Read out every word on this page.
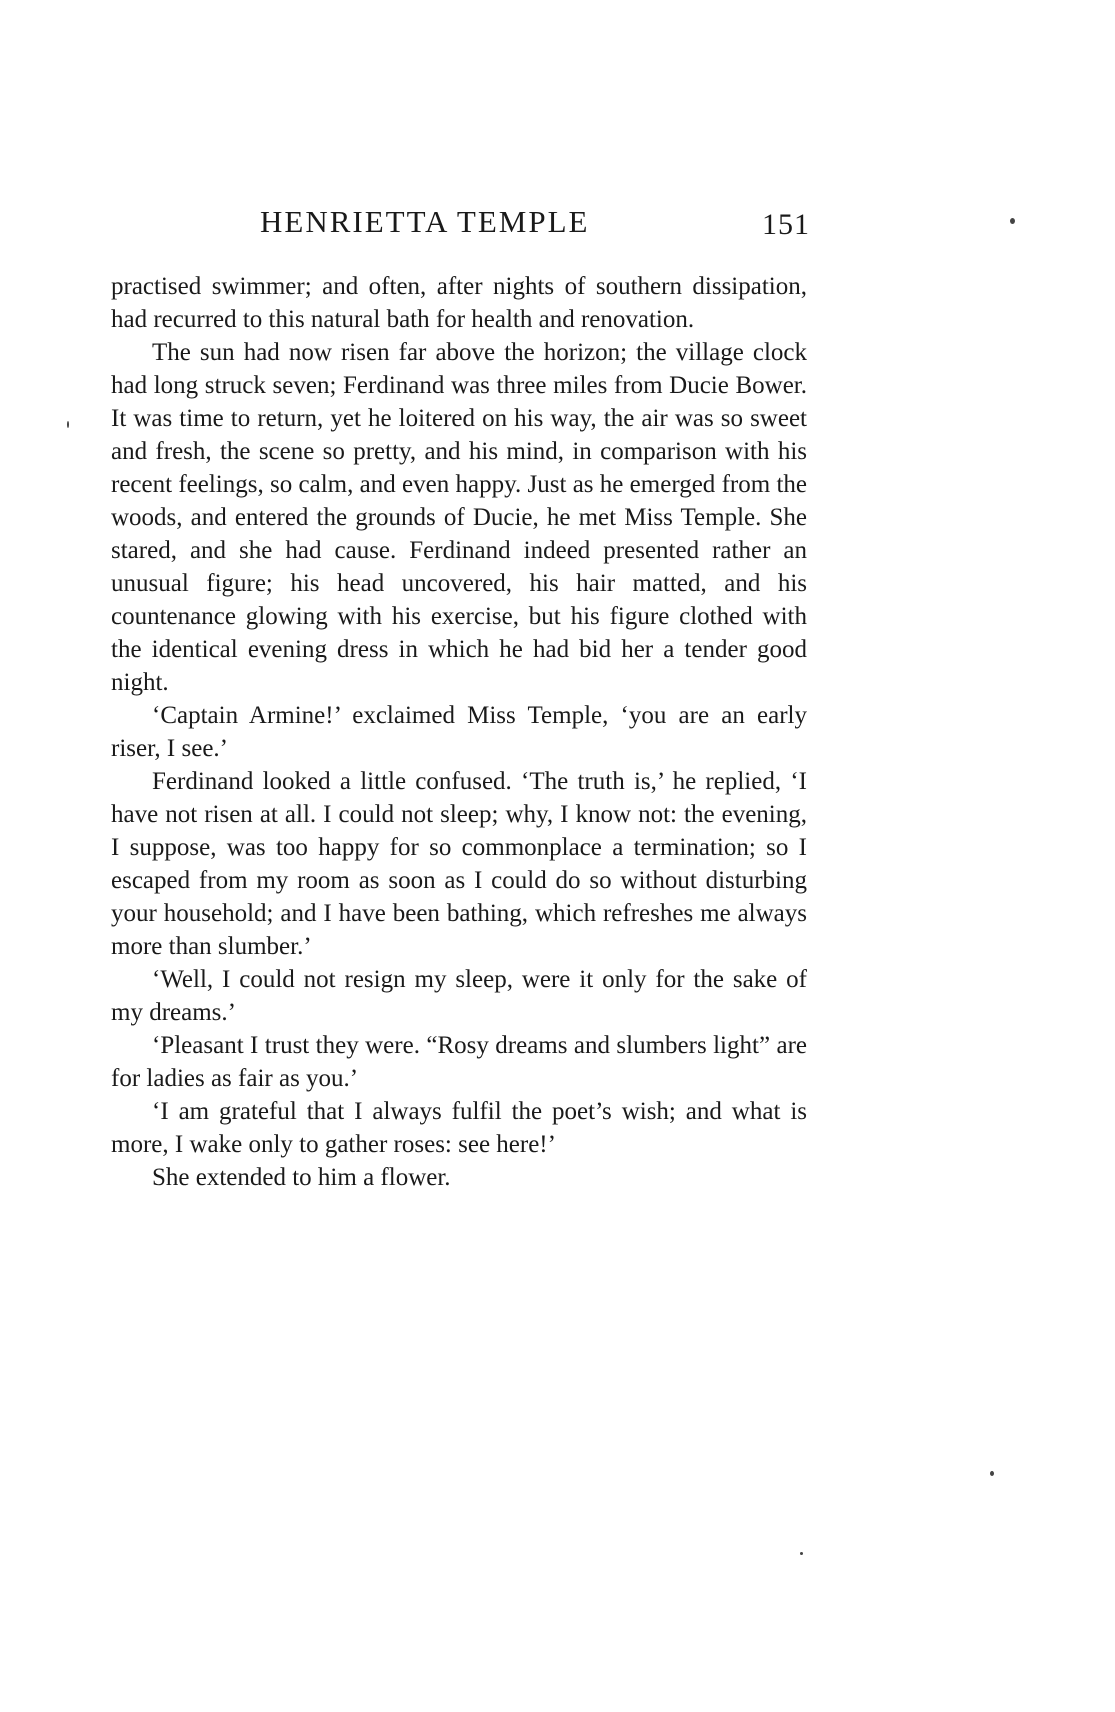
HENRIETTA TEMPLE	151

practised swimmer; and often, after nights of southern dissipation, had recurred to this natural bath for health and renovation.

The sun had now risen far above the horizon; the village clock had long struck seven; Ferdinand was three miles from Ducie Bower. It was time to return, yet he loitered on his way, the air was so sweet and fresh, the scene so pretty, and his mind, in comparison with his recent feelings, so calm, and even happy. Just as he emerged from the woods, and entered the grounds of Ducie, he met Miss Temple. She stared, and she had cause. Ferdinand indeed presented rather an unusual figure; his head uncovered, his hair matted, and his countenance glowing with his exercise, but his figure clothed with the identical evening dress in which he had bid her a tender good night.

‘Captain Armine!’ exclaimed Miss Temple, ‘you are an early riser, I see.’

Ferdinand looked a little confused. ‘The truth is,’ he replied, ‘I have not risen at all. I could not sleep; why, I know not: the evening, I suppose, was too happy for so commonplace a termination; so I escaped from my room as soon as I could do so without disturbing your household; and I have been bathing, which refreshes me always more than slumber.’

‘Well, I could not resign my sleep, were it only for the sake of my dreams.’

‘Pleasant I trust they were. “Rosy dreams and slumbers light” are for ladies as fair as you.’

‘I am grateful that I always fulfil the poet’s wish; and what is more, I wake only to gather roses: see here!’

She extended to him a flower.
